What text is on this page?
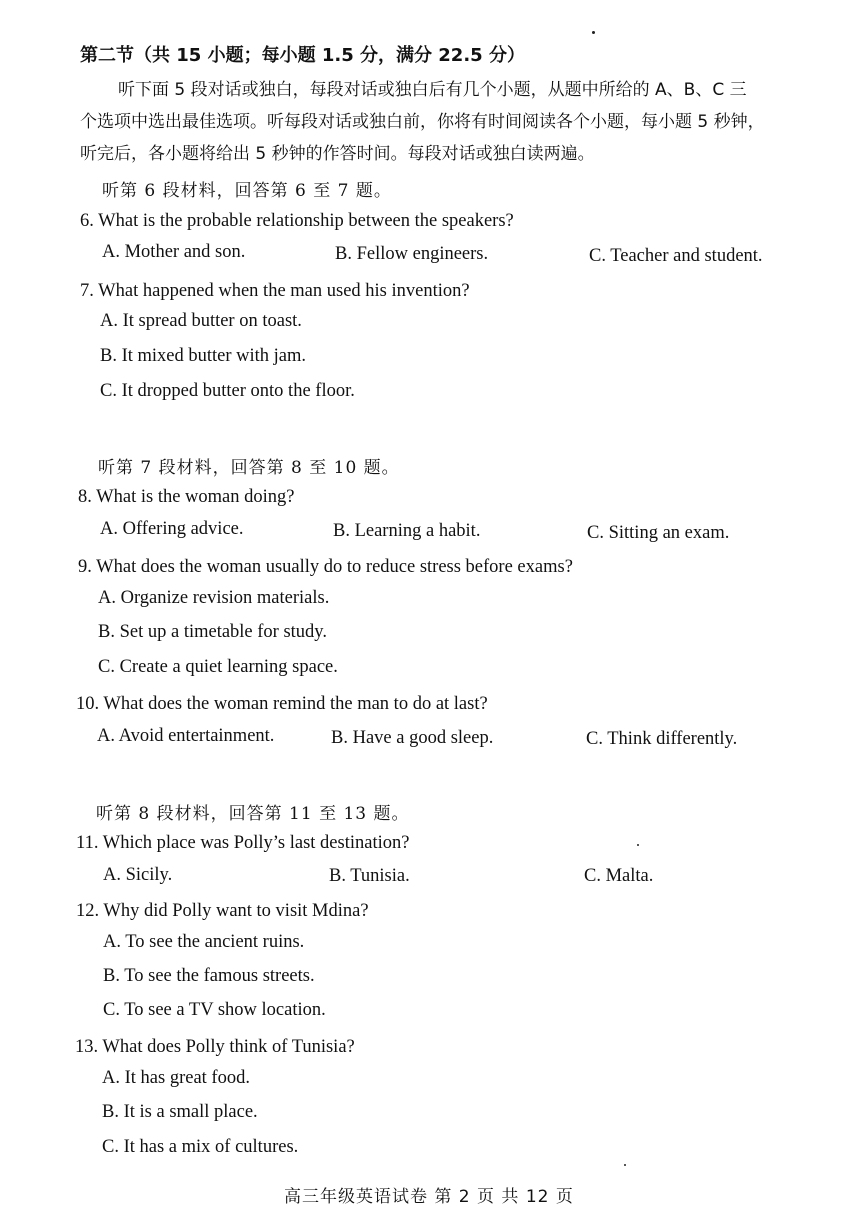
第二节（共 15 小题；每小题 1.5 分，满分 22.5 分）
听下面 5 段对话或独白，每段对话或独白后有几个小题，从题中所给的 A、B、C 三
个选项中选出最佳选项。听每段对话或独白前，你将有时间阅读各个小题，每小题 5 秒钟，
听完后，各小题将给出 5 秒钟的作答时间。每段对话或独白读两遍。
听第 6 段材料，回答第 6 至 7 题。
6. What is the probable relationship between the speakers?
A. Mother and son.	B. Fellow engineers.	C. Teacher and student.
7. What happened when the man used his invention?
A. It spread butter on toast.
B. It mixed butter with jam.
C. It dropped butter onto the floor.
听第 7 段材料，回答第 8 至 10 题。
8. What is the woman doing?
A. Offering advice.	B. Learning a habit.	C. Sitting an exam.
9. What does the woman usually do to reduce stress before exams?
A. Organize revision materials.
B. Set up a timetable for study.
C. Create a quiet learning space.
10. What does the woman remind the man to do at last?
A. Avoid entertainment.	B. Have a good sleep.	C. Think differently.
听第 8 段材料，回答第 11 至 13 题。
11. Which place was Polly’s last destination?
A. Sicily.	B. Tunisia.	C. Malta.
12. Why did Polly want to visit Mdina?
A. To see the ancient ruins.
B. To see the famous streets.
C. To see a TV show location.
13. What does Polly think of Tunisia?
A. It has great food.
B. It is a small place.
C. It has a mix of cultures.
高三年级英语试卷 第 2 页 共 12 页
